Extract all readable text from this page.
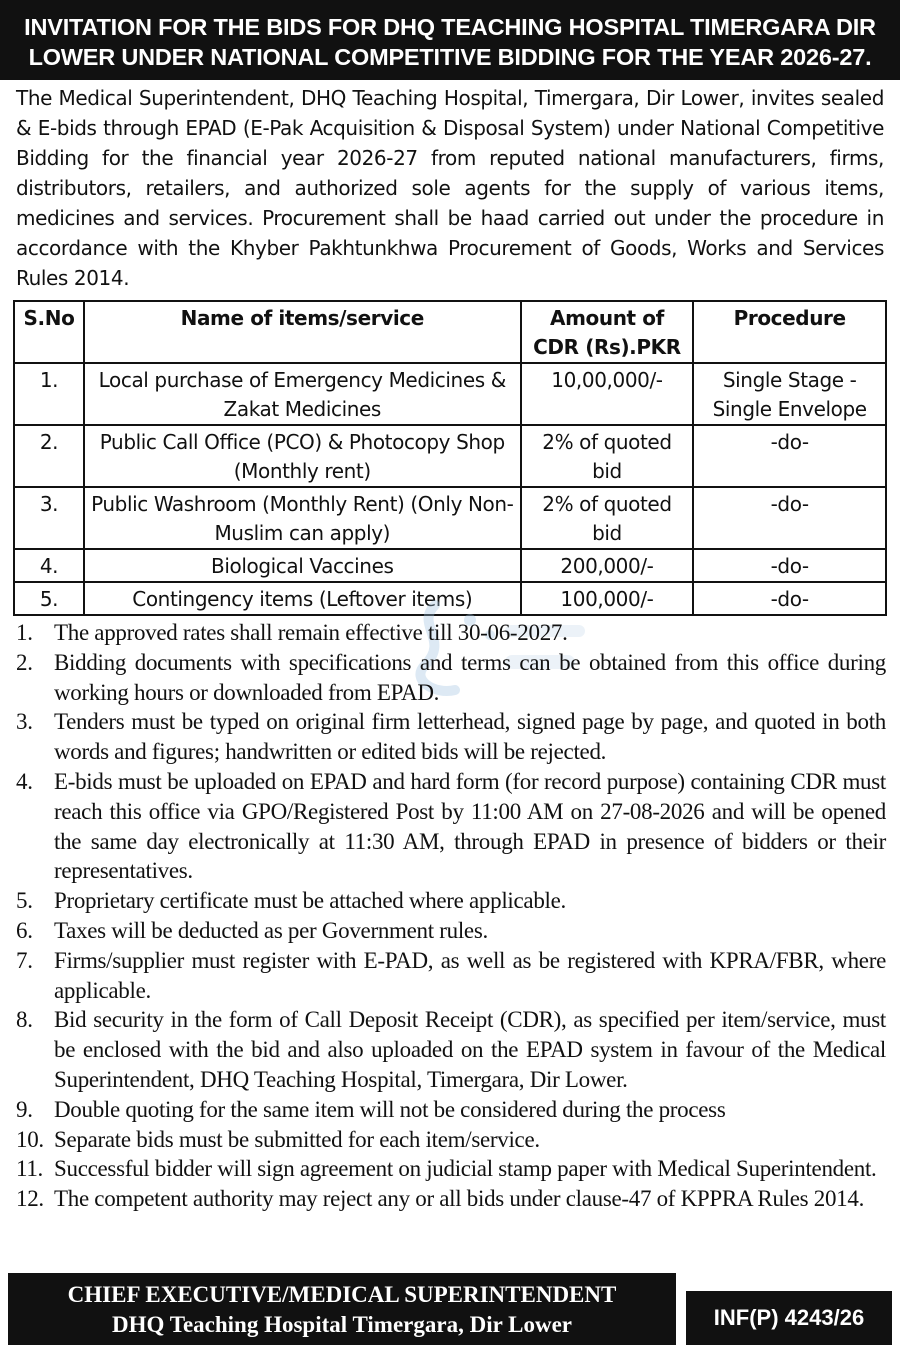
INVITATION FOR THE BIDS FOR DHQ TEACHING HOSPITAL TIMERGARA DIR
LOWER UNDER NATIONAL COMPETITIVE BIDDING FOR THE YEAR 2026-27.

The Medical Superintendent, DHQ Teaching Hospital, Timergara, Dir Lower, invites sealed & E-bids through EPAD (E-Pak Acquisition & Disposal System) under National Competitive Bidding for the financial year 2026-27 from reputed national manufacturers, firms, distributors, retailers, and authorized sole agents for the supply of various items, medicines and services. Procurement shall be haad carried out under the procedure in accordance with the Khyber Pakhtunkhwa Procurement of Goods, Works and Services Rules 2014.

S.No	Name of items/service	Amount of CDR (Rs).PKR	Procedure
1.	Local purchase of Emergency Medicines & Zakat Medicines	10,00,000/-	Single Stage - Single Envelope
2.	Public Call Office (PCO) & Photocopy Shop (Monthly rent)	2% of quoted bid	-do-
3.	Public Washroom (Monthly Rent) (Only Non-Muslim can apply)	2% of quoted bid	-do-
4.	Biological Vaccines	200,000/-	-do-
5.	Contingency items (Leftover items)	100,000/-	-do-
1. The approved rates shall remain effective till 30-06-2027.
2. Bidding documents with specifications and terms can be obtained from this office during working hours or downloaded from EPAD.
3. Tenders must be typed on original firm letterhead, signed page by page, and quoted in both words and figures; handwritten or edited bids will be rejected.
4. E-bids must be uploaded on EPAD and hard form (for record purpose) containing CDR must reach this office via GPO/Registered Post by 11:00 AM on 27-08-2026 and will be opened the same day electronically at 11:30 AM, through EPAD in presence of bidders or their representatives.
5. Proprietary certificate must be attached where applicable.
6. Taxes will be deducted as per Government rules.
7. Firms/supplier must register with E-PAD, as well as be registered with KPRA/FBR, where applicable.
8. Bid security in the form of Call Deposit Receipt (CDR), as specified per item/service, must be enclosed with the bid and also uploaded on the EPAD system in favour of the Medical Superintendent, DHQ Teaching Hospital, Timergara, Dir Lower.
9. Double quoting for the same item will not be considered during the process
10. Separate bids must be submitted for each item/service.
11. Successful bidder will sign agreement on judicial stamp paper with Medical Superintendent.
12. The competent authority may reject any or all bids under clause-47 of KPPRA Rules 2014.
CHIEF EXECUTIVE/MEDICAL SUPERINTENDENT
DHQ Teaching Hospital Timergara, Dir Lower	INF(P) 4243/26
